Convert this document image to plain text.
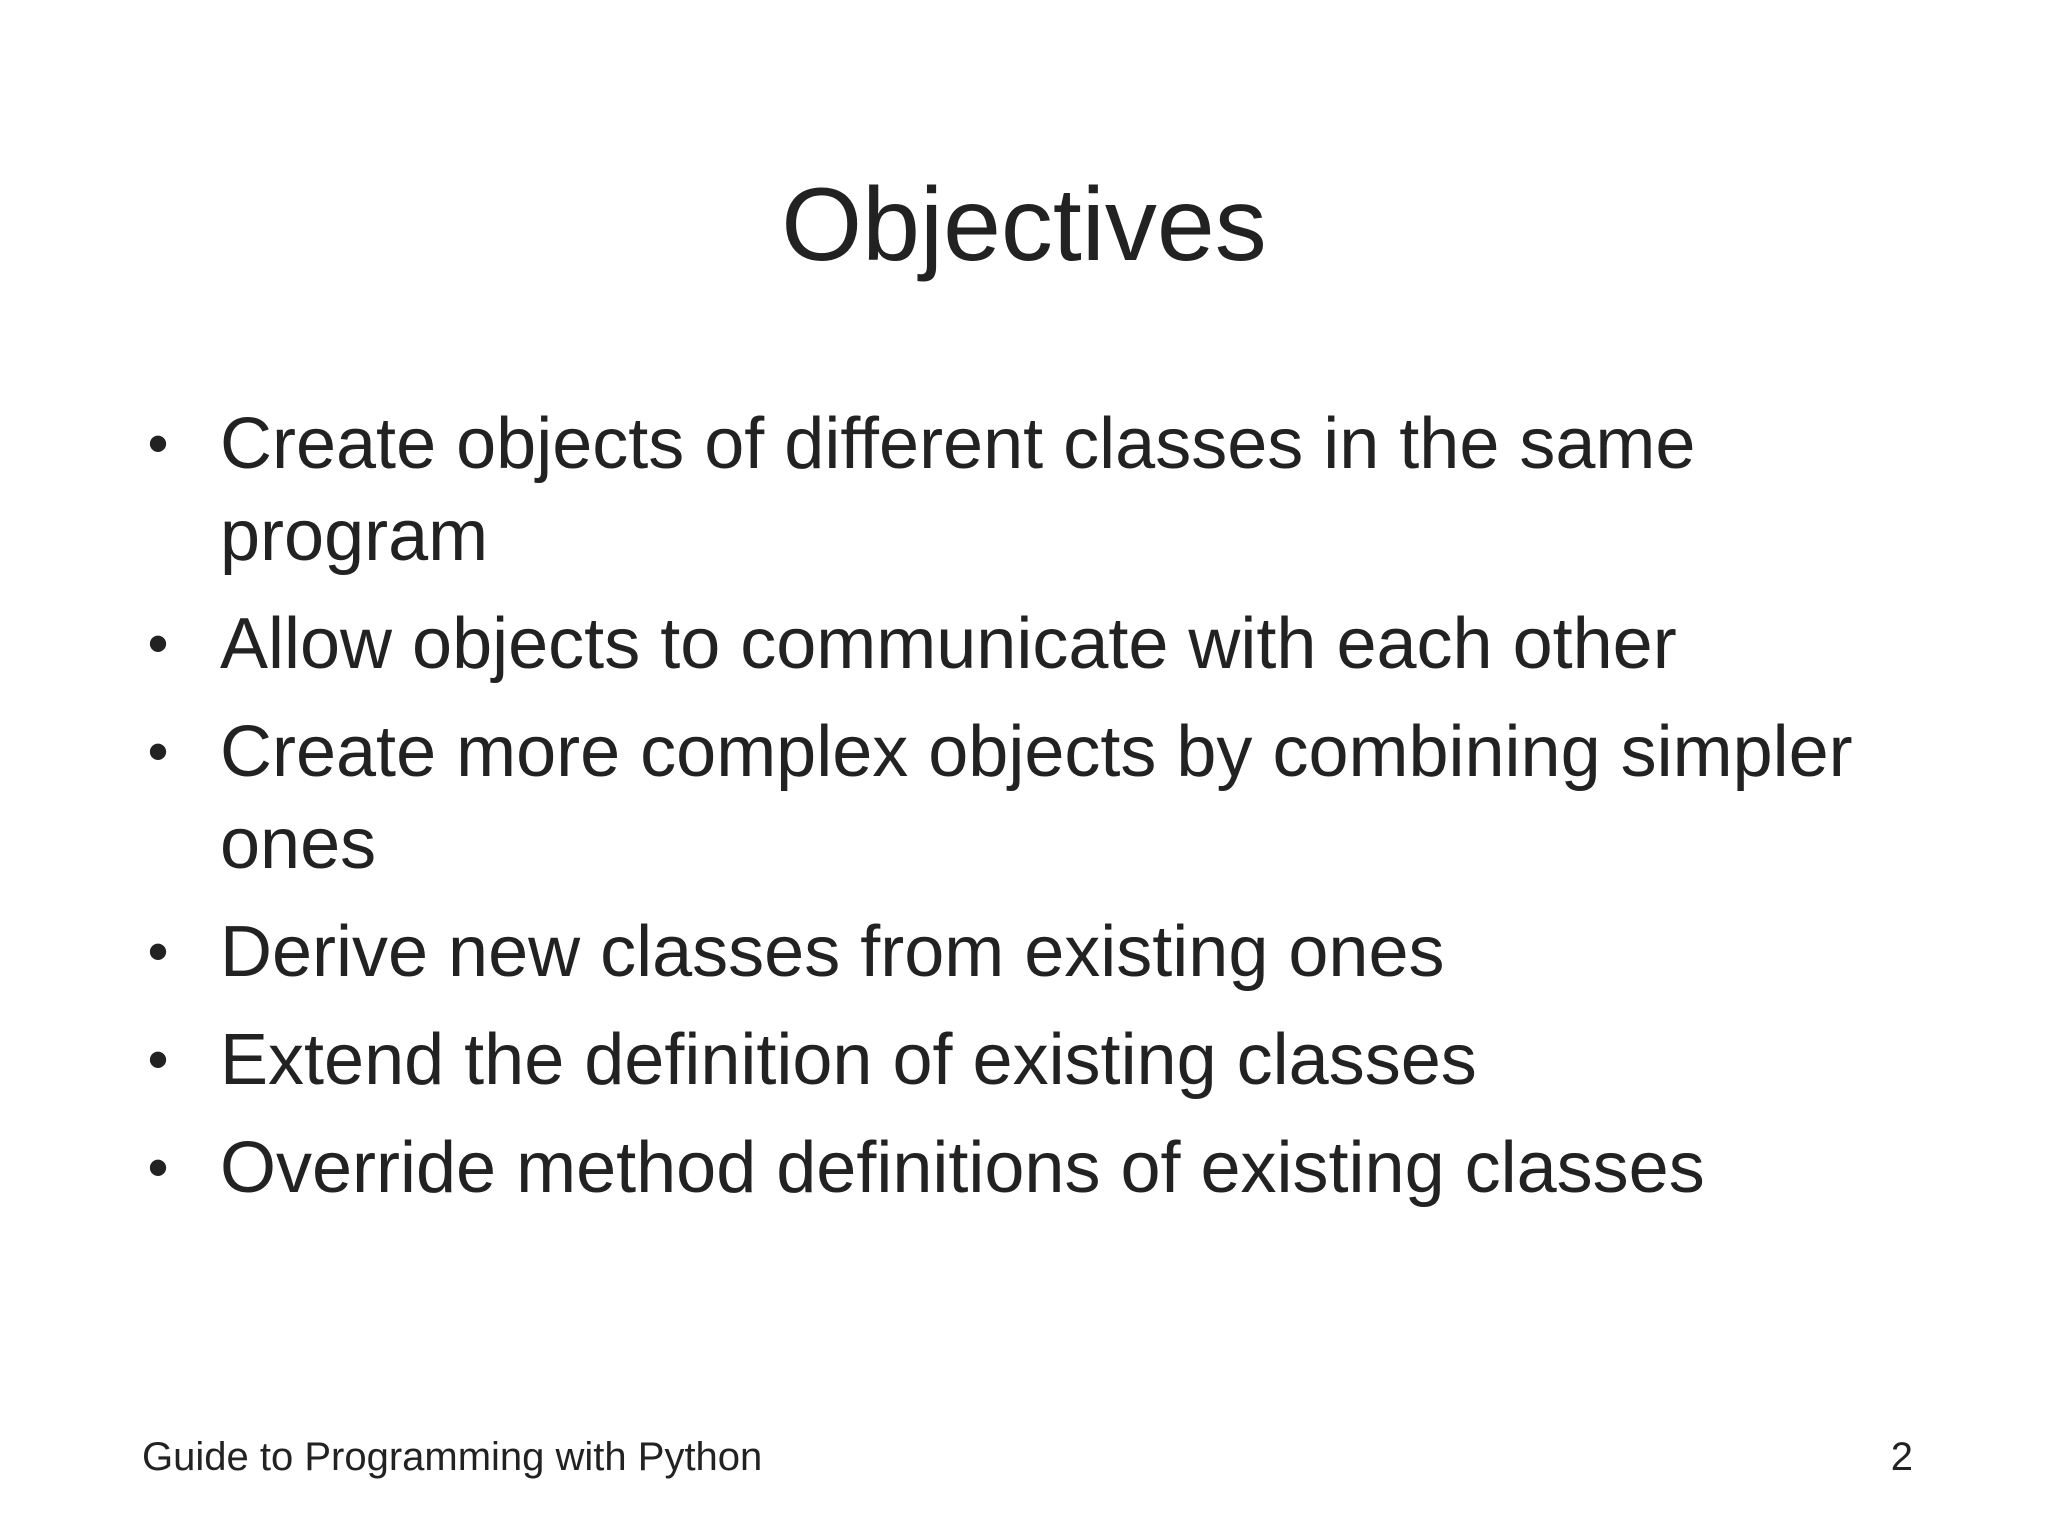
Objectives
• Create objects of different classes in the same program
• Allow objects to communicate with each other
• Create more complex objects by combining simpler ones
• Derive new classes from existing ones
• Extend the definition of existing classes
• Override method definitions of existing classes
Guide to Programming with Python	2
